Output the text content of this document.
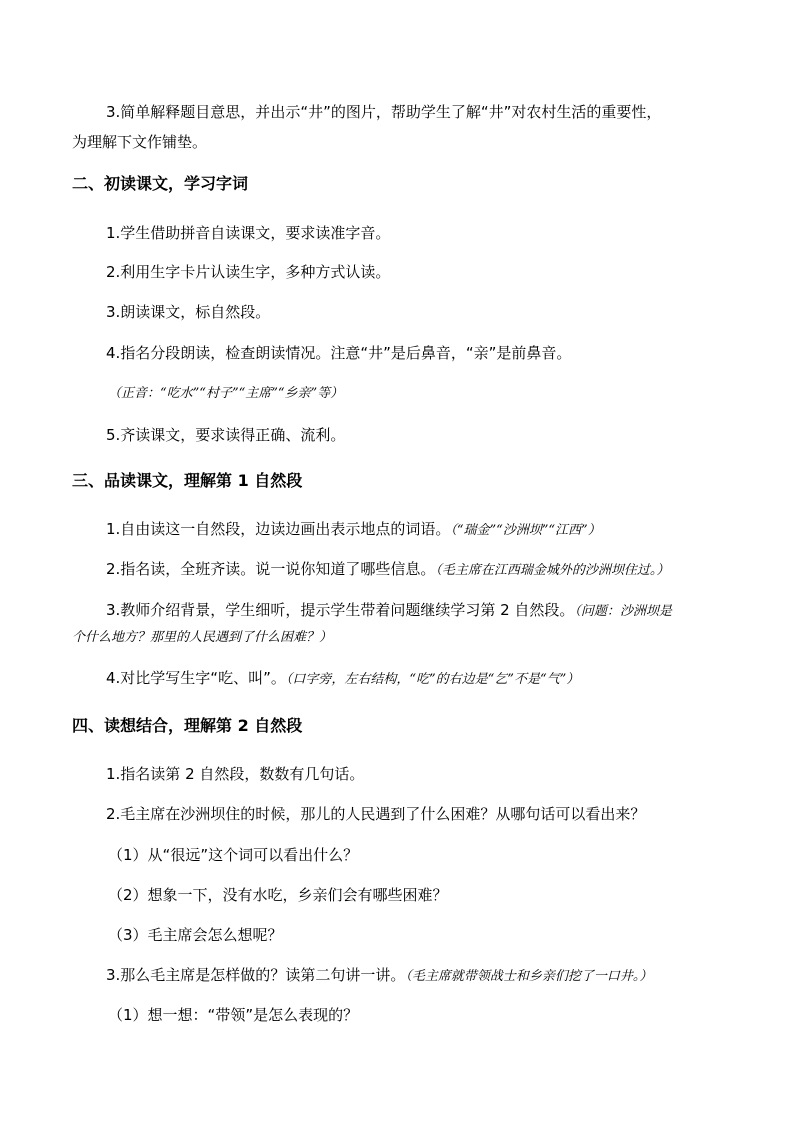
3.简单解释题目意思，并出示“井”的图片，帮助学生了解“井”对农村生活的重要性，
为理解下文作铺垫。
二、初读课文，学习字词
1.学生借助拼音自读课文，要求读准字音。
2.利用生字卡片认读生字，多种方式认读。
3.朗读课文，标自然段。
4.指名分段朗读，检查朗读情况。注意“井”是后鼻音，“亲”是前鼻音。
（正音：“吃水”“村子”“主席”“乡亲”等）
5.齐读课文，要求读得正确、流利。
三、品读课文，理解第 1 自然段
1.自由读这一自然段，边读边画出表示地点的词语。（“瑞金”“沙洲坝”“江西”）
2.指名读，全班齐读。说一说你知道了哪些信息。（毛主席在江西瑞金城外的沙洲坝住过。）
3.教师介绍背景，学生细听，提示学生带着问题继续学习第 2 自然段。（问题：沙洲坝是
个什么地方？那里的人民遇到了什么困难？）
4.对比学写生字“吃、叫”。（口字旁，左右结构，“吃”的右边是“乞”不是“气”）
四、读想结合，理解第 2 自然段
1.指名读第 2 自然段，数数有几句话。
2.毛主席在沙洲坝住的时候，那儿的人民遇到了什么困难？从哪句话可以看出来？
（1）从“很远”这个词可以看出什么？
（2）想象一下，没有水吃，乡亲们会有哪些困难？
（3）毛主席会怎么想呢？
3.那么毛主席是怎样做的？读第二句讲一讲。（毛主席就带领战士和乡亲们挖了一口井。）
（1）想一想：“带领”是怎么表现的？
